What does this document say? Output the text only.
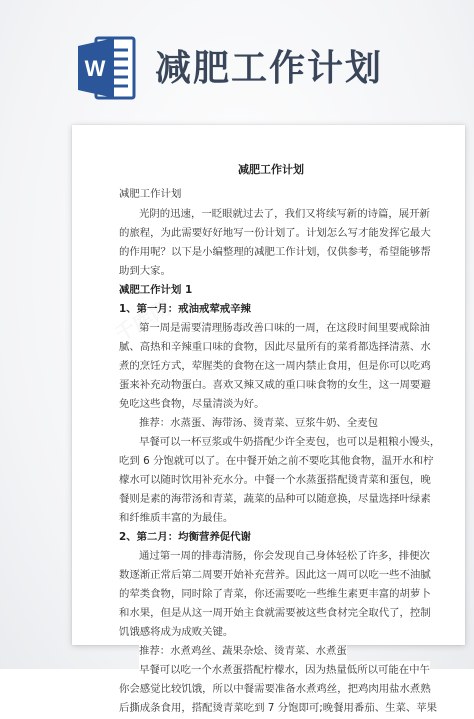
W 减肥工作计划
减肥工作计划
减肥工作计划
光阴的迅速，一眨眼就过去了，我们又将续写新的诗篇，展开新
的旅程，为此需要好好地写一份计划了。计划怎么写才能发挥它最大
的作用呢？以下是小编整理的减肥工作计划，仅供参考，希望能够帮
助到大家。
减肥工作计划 1
1、第一月：戒油戒荤戒辛辣
第一周是需要清理肠毒改善口味的一周，在这段时间里要戒除油
腻、高热和辛辣重口味的食物，因此尽量所有的菜肴都选择清蒸、水
煮的烹饪方式，荤腥类的食物在这一周内禁止食用，但是你可以吃鸡
蛋来补充动物蛋白。喜欢又辣又咸的重口味食物的女生，这一周要避
免吃这些食物，尽量清淡为好。
推荐：水蒸蛋、海带汤、烫青菜、豆浆牛奶、全麦包
早餐可以一杯豆浆或牛奶搭配少许全麦包，也可以是粗粮小馒头，
吃到 6 分饱就可以了。在中餐开始之前不要吃其他食物，温开水和柠
檬水可以随时饮用补充水分。中餐一个水蒸蛋搭配烫青菜和蛋包，晚
餐则是素的海带汤和青菜，蔬菜的品种可以随意换，尽量选择叶绿素
和纤维质丰富的为最佳。
2、第二月：均衡营养促代谢
通过第一周的排毒清肠，你会发现自己身体轻松了许多，排便次
数逐渐正常后第二周要开始补充营养。因此这一周可以吃一些不油腻
的荤类食物，同时除了青菜，你还需要吃一些维生素更丰富的胡萝卜
和水果，但是从这一周开始主食就需要被这些食材完全取代了，控制
饥饿感将成为成败关键。
推荐：水煮鸡丝、蔬果杂烩、烫青菜、水煮蛋
早餐可以吃一个水煮蛋搭配柠檬水，因为热量低所以可能在中午
你会感觉比较饥饿，所以中餐需要准备水煮鸡丝，把鸡肉用盐水煮熟
后撕成条食用，搭配烫青菜吃到 7 分饱即可;晚餐用番茄、生菜、苹果
